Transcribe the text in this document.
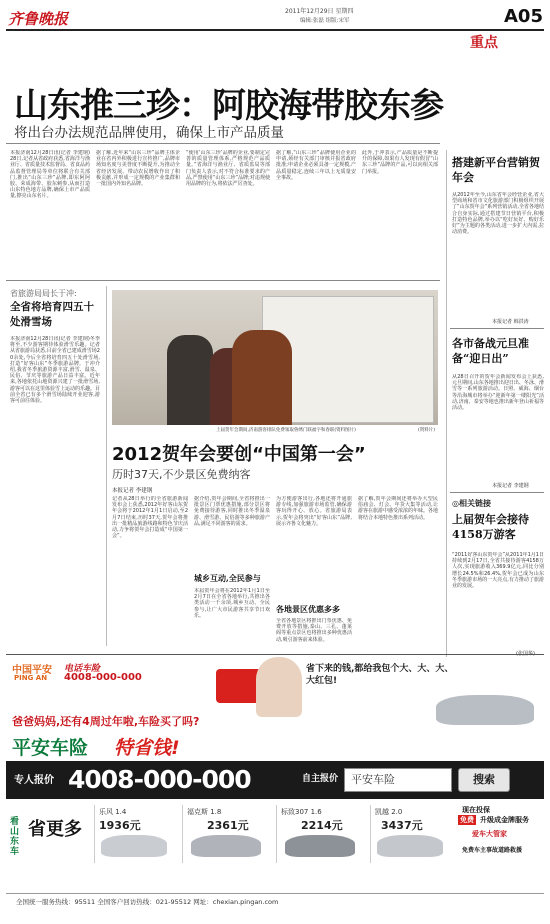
齐鲁晚报	2011年12月29日 星期四
编辑:张磊 组版:宋军	A05
重点
山东推三珍：阿胶海带胶东参
将出台办法规范品牌使用，确保上市产品质量
本报济南12月28日讯(记者 李建钢)28日,记者从省政府获悉,省海洋与渔业厅、省质量技术监督局、省食品药品监督管理局等单位将联合有关部门,推出“山东三珍”品牌,即东阿阿胶、荣成海带、胶东刺参,从而打造山东特色地方品牌,确保上市产品质量,擦亮山东名片。
据了解,近年来“山东三珍”品牌主体企业在省内外积极进行宣传推广,品牌市场知名度与美誉度不断提升,为推动全省经济发展、带动农民增收作出了积极贡献,并形成一定规模的产业集群和一批国内外知名品牌。
“使用‘山东三珍’品牌的企业,要制定完善的质量管理体系,严格规范产品质量。”省海洋与渔业厅、省质监局等部门负责人表示,对不符合标准要求的产品,严禁使用“山东三珍”品牌;对违规使用品牌的行为,将依法严厉查处。
据了解,“山东三珍”品牌使用企业的申请,须经有关部门审核并报省政府批准;申请企业必须具备一定规模,产品质量稳定,连续三年以上无质量安全事故。
此外,于冲表示,产品质量是不断提升的保障,如果有人发现有假冒“山东三珍”品牌的产品,可以向相关部门举报。
搭建新平台营销贺年会
从2012年至今,山东省年会经营企业,省大型商场和省市文化旅游部门积极组织开展了“山东贺年会”系列营销活动,全省各地结合自身实际,通过搭建节日营销平台,积极打造特色品牌,举办以“吃好玩好、购好乐好”为主题的各类活动,进一步扩大内需,拉动消费。
本报记者 韩洪涛
各市备战元旦准备“迎日出”
从28日召开的贺年会新闻发布会上获悉,元旦期间,山东各地推出迎日出、冬泳、滑雪等一系列旅游活动。日照、威海、烟台等沿海城市将举办“迎新年第一缕阳光”活动,济南、泰安等地也推出新年登山祈福等活动。
本报记者 李建钢
◎相关链接
上届贺年会接待4158万游客
“2011好客山东贺年会”从2011年1月1日持续到2月17日,全省共接待游客4158万人次,实现旅游收入369.9亿元,同比分别增长24.5%和26.4%,贺年会已成为山东冬季旅游市场的一大亮点,有力推动了旅游业的发展。
省旅游局局长于冲:
全省将培育四五十处滑雪场
本报济南12月28日讯(记者 李建钢)冬季将至,不少游客期待体验滑雪乐趣。记者从省旅游局获悉,目前全省已建成滑雪场20余处,今后全省将培育四五十处滑雪场,打造“好客山东”冬季旅游品牌。于冲介绍,我省冬季旅游资源丰富,滑雪、温泉、民俗、节庆等旅游产品日益丰富。近年来,各地依托山地资源兴建了一批滑雪场,游客可以在这里体验雪上运动的乐趣。目前全省已有多个滑雪场陆续开业迎客,游客可前往体验。
上届贺年会期间,济南游客排队免费领取鲁绣门联福字和春联(资料图片)	(资料片)
2012贺年会要创“中国第一会”
历时37天,不少景区免费纳客
本报记者 李建钢
记者从28日举行的全省旅游新闻发布会上获悉,2012年好客山东贺年会将于2012年1月1日启动,至2月7日结束,历时37天,贺年会将推出一批精品旅游线路和特色节庆活动,力争将贺年会打造成“中国第一会”。
据介绍,贺年会期间,全省将推出一批景区门票优惠措施,部分景区将免费接待游客,同时推出冬季温泉游、滑雪游、民俗游等多种旅游产品,满足不同游客的需求。
城乡互动,全民参与
本届贺年会将在2012年1月1日至2月7日在全省各地举行,共推出各类活动一千余项,城乡互动、全民参与,让广大市民游客共享节日欢乐。
为方便游客出行,各地还将开通旅游专线,加强旅游市场监管,确保游客玩得开心、放心。省旅游局表示,贺年会将突出“好客山东”品牌,展示齐鲁文化魅力。
各地景区优惠多多
全省各地景区将推出门票优惠、免费开放等措施,泰山、三孔、蓬莱阁等重点景区也将推出多种优惠活动,吸引游客前来体验。
据了解,贺年会期间还将举办大型民俗庙会、灯会、年货大集等活动,让游客在旅游中感受浓浓的年味。各地将结合本地特色推出系列活动。
中国平安
PING AN
电话车险
4008-000-000
省下来的钱,都给我包个大、大、大、大红包!
爸爸妈妈,还有4周过年啦,车险买了吗?
平安车险 特省钱!
专人报价 4008-000-000	自主报价	平安车险	搜索
看山东车
省更多
乐风 1.4
1936元
福克斯 1.8
2361元
标致307 1.6
2214元
凯越 2.0
3437元
现在投保
免费 升级成金牌服务
爱车大管家
免费车主事故道路救援
全国统一服务热线：95511 全国客户回访热线：021-95512 网址：chexian.pingan.com
